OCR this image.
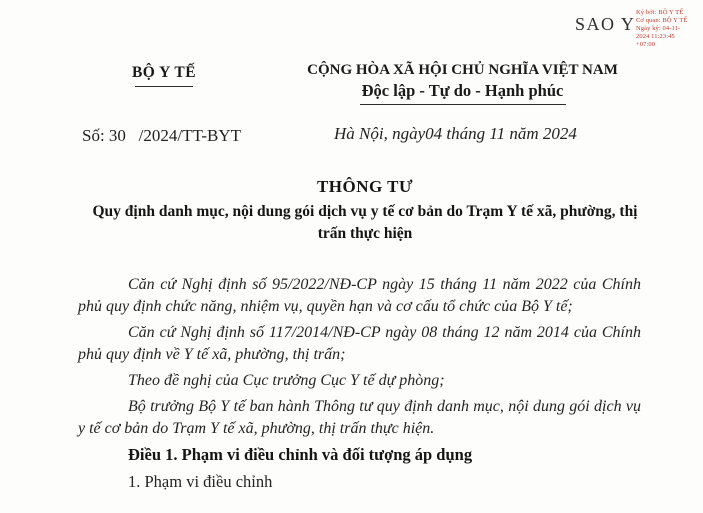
SAO Y
Ký bởi: BỘ Y TẾ
Cơ quan: BỘ Y TẾ
Ngày ký: 04-11-
2024 11:23:45
+07:00
BỘ Y TẾ	CỘNG HÒA XÃ HỘI CHỦ NGHĨA VIỆT NAM
Độc lập - Tự do - Hạnh phúc
Số: 30   /2024/TT-BYT	Hà Nội, ngày04 tháng 11 năm 2024
THÔNG TƯ
Quy định danh mục, nội dung gói dịch vụ y tế cơ bản do Trạm Y tế xã, phường, thị trấn thực hiện

Căn cứ Nghị định số 95/2022/NĐ-CP ngày 15 tháng 11 năm 2022 của Chính phủ quy định chức năng, nhiệm vụ, quyền hạn và cơ cấu tổ chức của Bộ Y tế;

Căn cứ Nghị định số 117/2014/NĐ-CP ngày 08 tháng 12 năm 2014 của Chính phủ quy định về Y tế xã, phường, thị trấn;

Theo đề nghị của Cục trưởng Cục Y tế dự phòng;

Bộ trưởng Bộ Y tế ban hành Thông tư quy định danh mục, nội dung gói dịch vụ y tế cơ bản do Trạm Y tế xã, phường, thị trấn thực hiện.

Điều 1. Phạm vi điều chỉnh và đối tượng áp dụng

1. Phạm vi điều chỉnh
